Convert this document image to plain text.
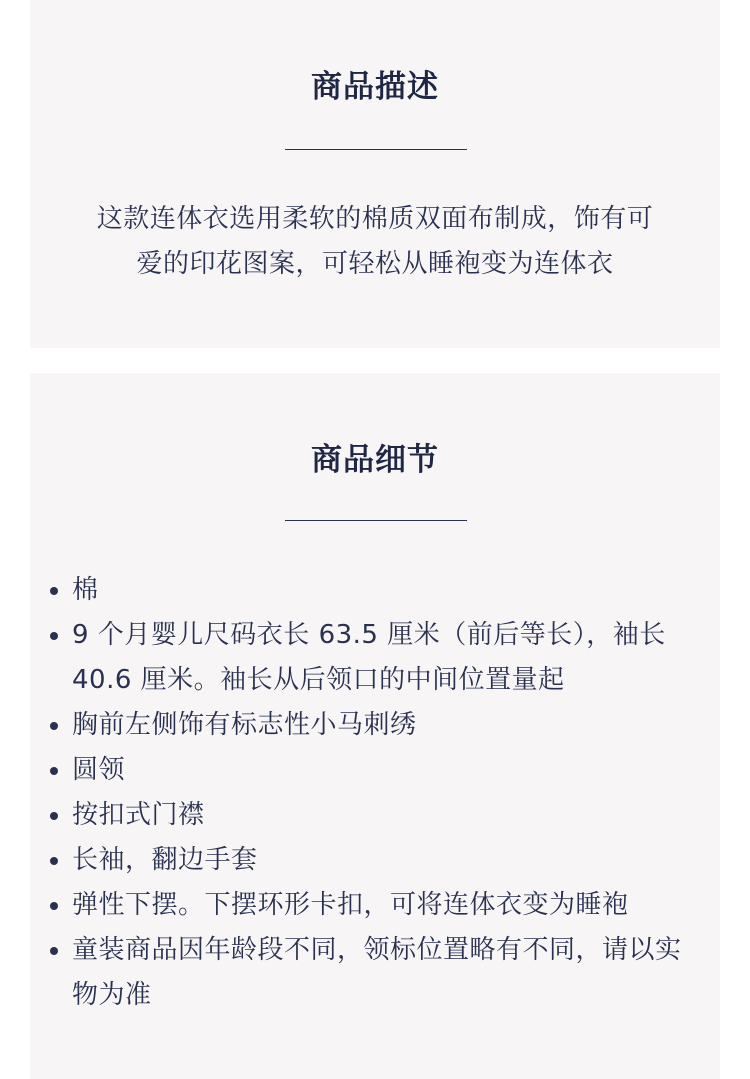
商品描述
这款连体衣选用柔软的棉质双面布制成，饰有可
爱的印花图案，可轻松从睡袍变为连体衣
商品细节
棉
9 个月婴儿尺码衣长 63.5 厘米（前后等长），袖长 40.6 厘米。袖长从后领口的中间位置量起
胸前左侧饰有标志性小马刺绣
圆领
按扣式门襟
长袖，翻边手套
弹性下摆。下摆环形卡扣，可将连体衣变为睡袍
童装商品因年龄段不同，领标位置略有不同，请以实物为准
